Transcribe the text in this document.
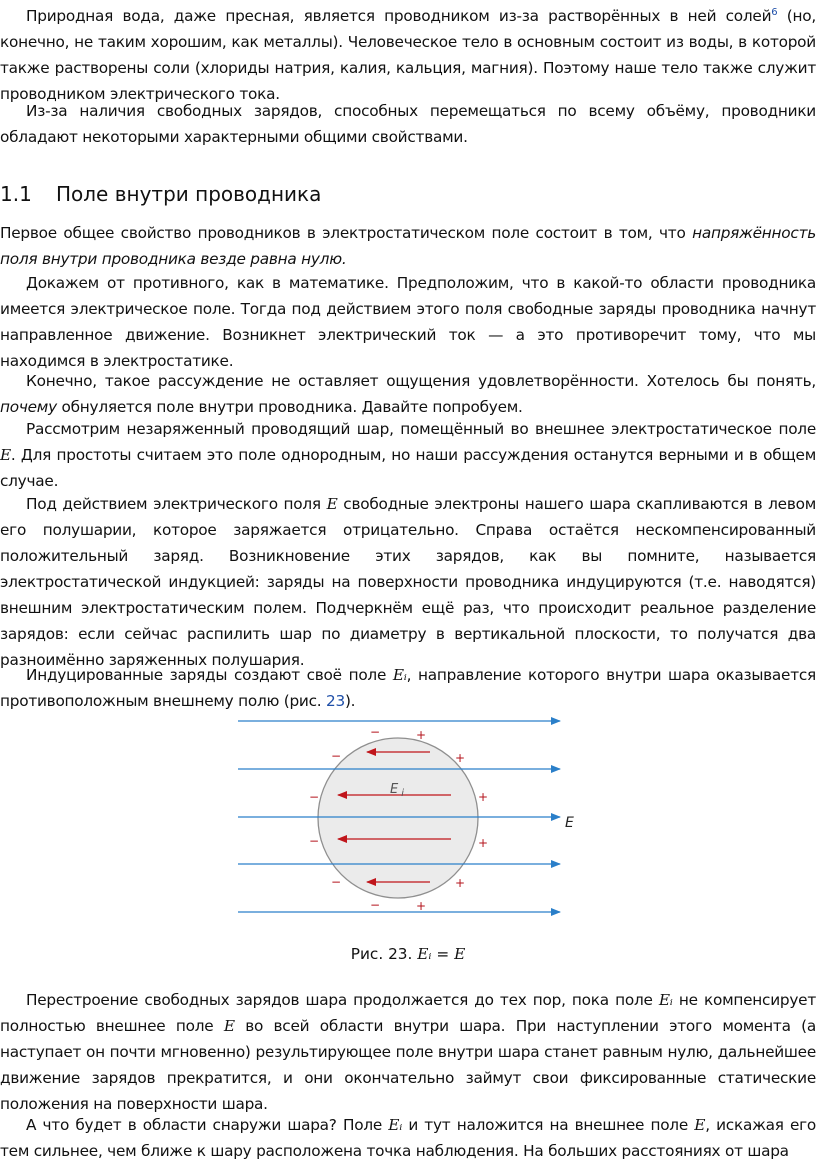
Природная вода, даже пресная, является проводником из-за растворённых в ней солей$^6$ (но, конечно, не таким хорошим, как металлы). Человеческое тело в основным состоит из воды, в которой также растворены соли (хлориды натрия, калия, кальция, магния). Поэтому наше тело также служит проводником электрического тока.

Из-за наличия свободных зарядов, способных перемещаться по всему объёму, проводники обладают некоторыми характерными общими свойствами.

1.1 Поле внутри проводника

Первое общее свойство проводников в электростатическом поле состоит в том, что напряжённость поля внутри проводника везде равна нулю.

Докажем от противного, как в математике. Предположим, что в какой-то области проводника имеется электрическое поле. Тогда под действием этого поля свободные заряды проводника начнут направленное движение. Возникнет электрический ток — а это противоречит тому, что мы находимся в электростатике.

Конечно, такое рассуждение не оставляет ощущения удовлетворённости. Хотелось бы понять, почему обнуляется поле внутри проводника. Давайте попробуем.

Рассмотрим незаряженный проводящий шар, помещённый во внешнее электростатическое поле E. Для простоты считаем это поле однородным, но наши рассуждения останутся верными и в общем случае.

Под действием электрического поля E свободные электроны нашего шара скапливаются в левом его полушарии, которое заряжается отрицательно. Справа остаётся нескомпенсированный положительный заряд. Возникновение этих зарядов, как вы помните, называется электростатической индукцией: заряды на поверхности проводника индуцируются (т.е. наводятся) внешним электростатическим полем. Подчеркнём ещё раз, что происходит реальное разделение зарядов: если сейчас распилить шар по диаметру в вертикальной плоскости, то получатся два разноимённо заряженных полушария.

Индуцированные заряды создают своё поле Eᵢ, направление которого внутри шара оказывается противоположным внешнему полю (рис. 23).

E $_i$
E
−
−
−
−
−
−
+
+
+
+
+
+
Рис. 23. Eᵢ = E

Перестроение свободных зарядов шара продолжается до тех пор, пока поле Eᵢ не компенсирует полностью внешнее поле E во всей области внутри шара. При наступлении этого момента (а наступает он почти мгновенно) результирующее поле внутри шара станет равным нулю, дальнейшее движение зарядов прекратится, и они окончательно займут свои фиксированные статические положения на поверхности шара.

А что будет в области снаружи шара? Поле Eᵢ и тут наложится на внешнее поле E, искажая его тем сильнее, чем ближе к шару расположена точка наблюдения. На больших расстояниях от шара
